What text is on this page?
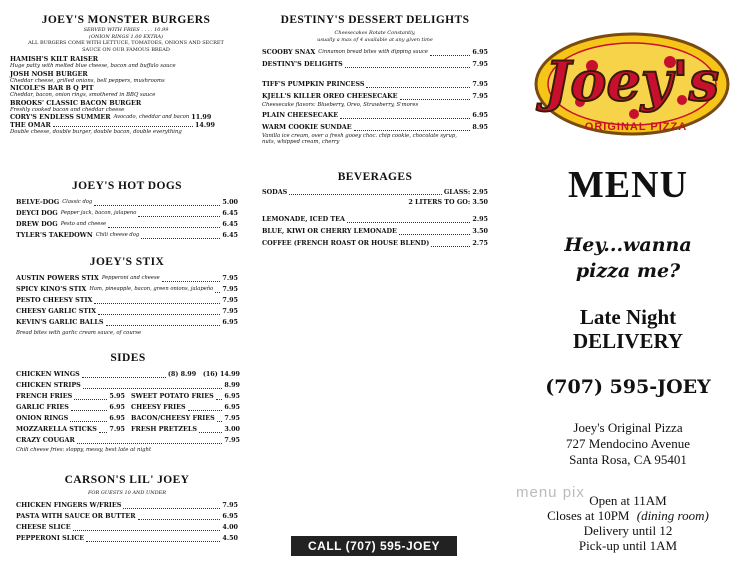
JOEY'S MONSTER BURGERS
SERVED WITH FRIES . . . . 10.99
(ONION RINGS 1.00 EXTRA)
ALL BURGERS COME WITH LETTUCE, TOMATOES, ONIONS AND SECRET SAUCE ON OUR FAMOUS BREAD
HAMISH'S KILT RAISER
Huge patty with melted blue cheese, bacon and buffalo sauce
JOSH NOSH BURGER
Cheddar cheese, grilled onions, bell peppers, mushrooms
NICOLE'S BAR B Q PIT
Cheddar, bacon, onion rings, smothered in BBQ sauce
BROOKS' CLASSIC BACON BURGER
Freshly cooked bacon and cheddar cheese
CORY'S ENDLESS SUMMER Avocado, cheddar and bacon 11.99
THE OMAR	14.99
Double cheese, double burger, double bacon, double everything
JOEY'S HOT DOGS
BELVE-DOG Classic dog	5.00
DEYCI DOG Pepper jack, bacon, jalapeno	6.45
DREW DOG Pesto and cheese	6.45
TYLER'S TAKEDOWN Chili cheese dog	6.45
JOEY'S STIX
AUSTIN POWERS STIX Pepperoni and cheese	7.95
SPICY KINO'S STIX Ham, pineapple, bacon, green onions, jalapeño 7.95
PESTO CHEESY STIX	7.95
CHEESY GARLIC STIX	7.95
KEVIN'S GARLIC BALLS	6.95
Bread bites with garlic cream sauce, of course
SIDES
CHICKEN WINGS	(8) 8.99   (16) 14.99
CHICKEN STRIPS	8.99
FRENCH FRIES	5.95 SWEET POTATO FRIES 6.95
GARLIC FRIES	6.95 CHEESY FRIES	6.95
ONION RINGS	6.95 BACON/CHEESY FRIES 7.95
MOZZARELLA STICKS 7.95 FRESH PRETZELS	3.00
CRAZY COUGAR	7.95
Chili cheese fries: sloppy, messy, best late at night
CARSON'S LIL' JOEY
FOR GUESTS 10 AND UNDER
CHICKEN FINGERS W/FRIES	7.95
PASTA WITH SAUCE OR BUTTER	6.95
CHEESE SLICE	4.00
PEPPERONI SLICE	4.50
DESTINY'S DESSERT DELIGHTS
Cheesecakes Rotate Constantly,
usually a max of 4 available at any given time
SCOOBY SNAX Cinnamon bread bites with dipping sauce	6.95
DESTINY'S DELIGHTS	7.95
TIFF'S PUMPKIN PRINCESS	7.95
KJELL'S KILLER OREO CHEESECAKE	7.95
Cheesecake flavors: Blueberry, Oreo, Strawberry, S'mores
PLAIN CHEESECAKE	6.95
WARM COOKIE SUNDAE	8.95
Vanilla ice cream, over a fresh gooey choc. chip cookie, chocolate syrup, nuts, whipped cream, cherry
BEVERAGES
SODAS	GLASS: 2.95
2 LITERS TO GO: 3.50
LEMONADE, ICED TEA	2.95
BLUE, KIWI OR CHERRY LEMONADE	3.50
COFFEE (FRENCH ROAST OR HOUSE BLEND)	2.75
CALL (707) 595-JOEY
Joey's
ORIGINAL PIZZA
MENU
Hey...wanna
pizza me?
Late Night
DELIVERY
(707) 595-JOEY
Joey's Original Pizza
727 Mendocino Avenue
Santa Rosa, CA 95401
menu pix Open at 11AM
Closes at 10PM (dining room)
Delivery until 12
Pick-up until 1AM
